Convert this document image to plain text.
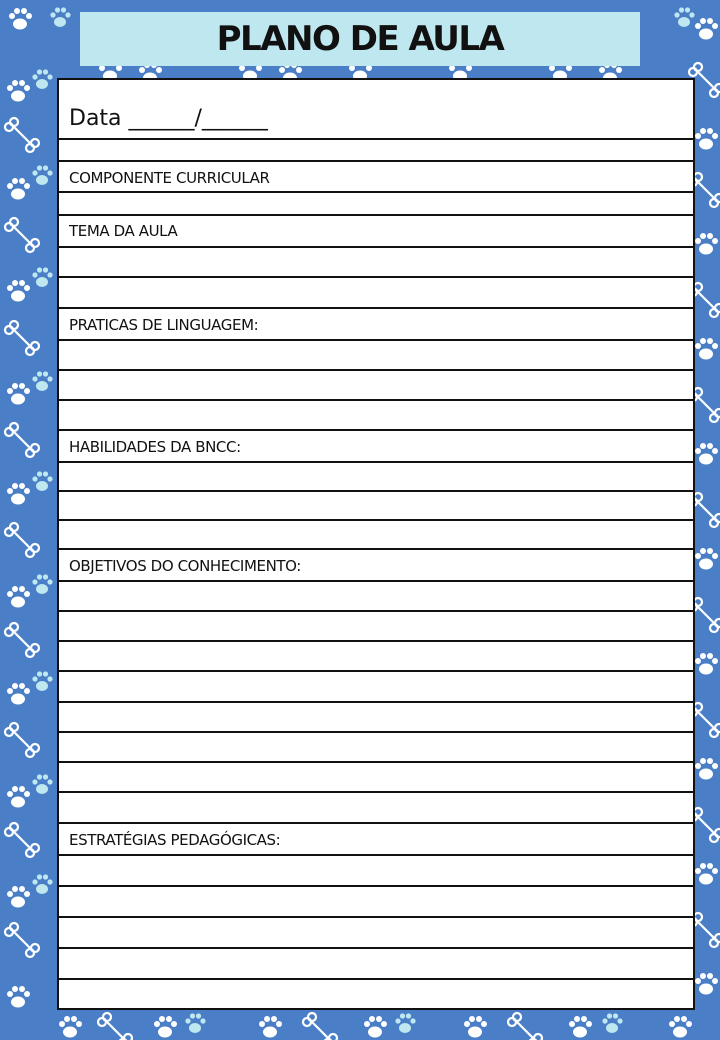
PLANO DE AULA
Data ______/______
COMPONENTE CURRICULAR
TEMA DA AULA
PRATICAS DE LINGUAGEM:
HABILIDADES DA BNCC:
OBJETIVOS DO CONHECIMENTO:
ESTRATÉGIAS PEDAGÓGICAS:
